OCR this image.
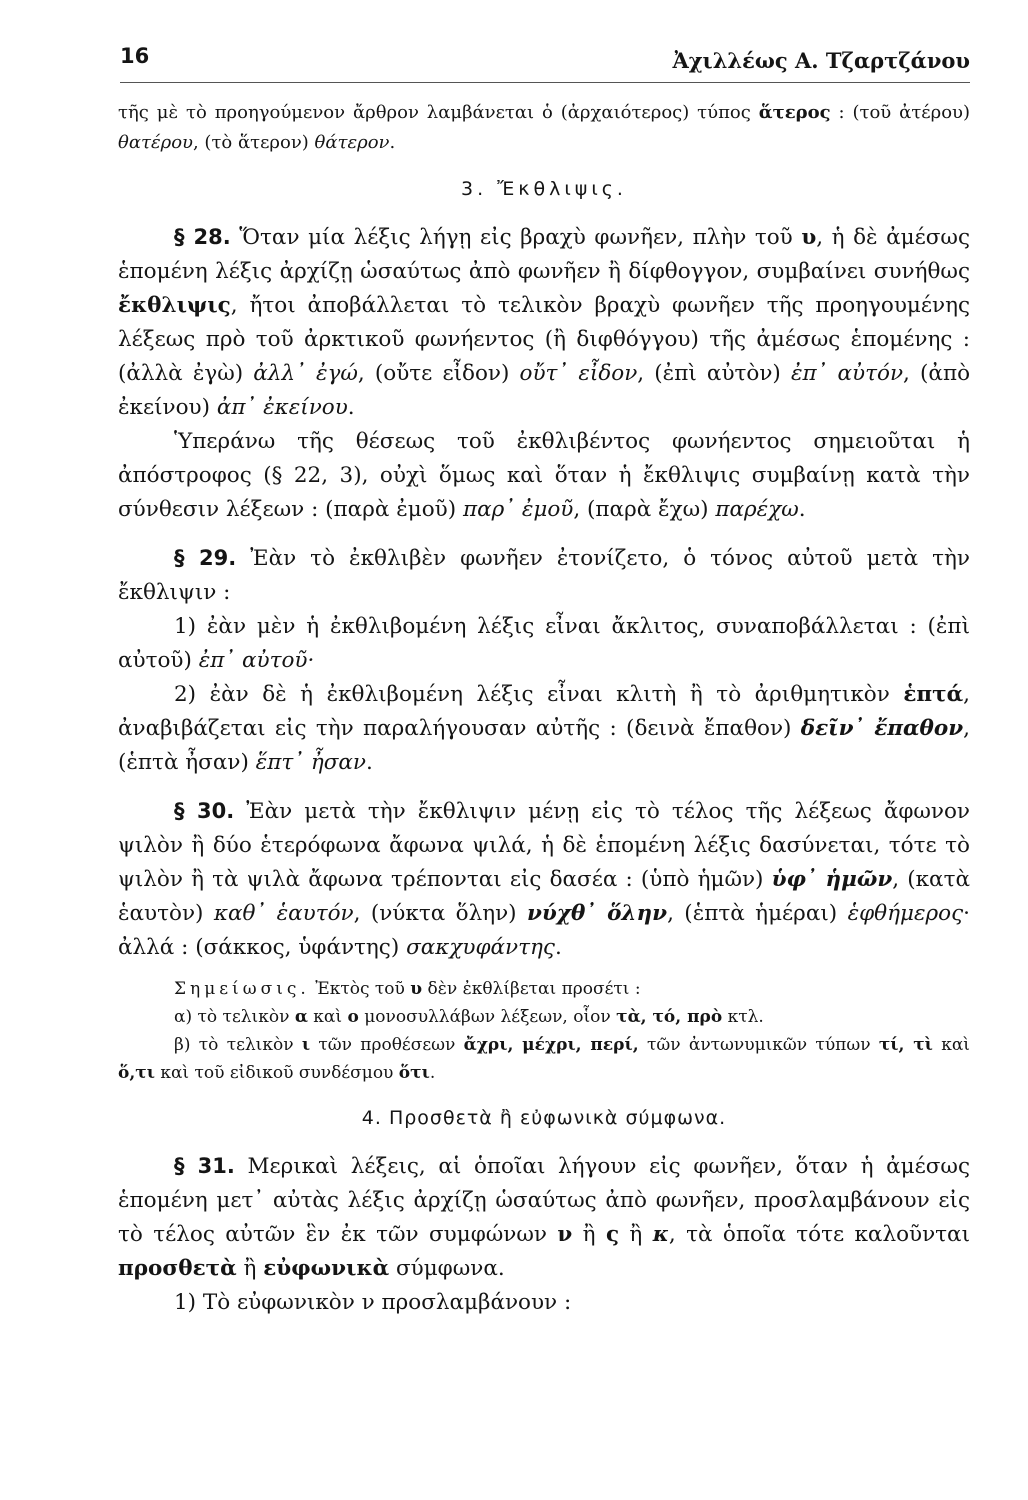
16	Ἀχιλλέως Α. Τζαρτζάνου

τῆς μὲ τὸ προηγούμενον ἄρθρον λαμβάνεται ὁ (ἀρχαιότερος) τύπος ἅτερος : (τοῦ ἀτέρου) θατέρου, (τὸ ἅτερον) θάτερον.

3. Ἔκθλιψις.

§ 28. Ὅταν μία λέξις λήγῃ εἰς βραχὺ φωνῆεν, πλὴν τοῦ υ, ἡ δὲ ἀμέσως ἑπομένη λέξις ἀρχίζῃ ὡσαύτως ἀπὸ φωνῆεν ἢ δίφθογγον, συμβαίνει συνήθως ἔκθλιψις, ἤτοι ἀποβάλλεται τὸ τελικὸν βραχὺ φωνῆεν τῆς προηγουμένης λέξεως πρὸ τοῦ ἀρκτικοῦ φωνήεντος (ἢ διφθόγγου) τῆς ἀμέσως ἑπομένης : (ἀλλὰ ἐγὼ) ἀλλ᾿ ἐγώ, (οὔτε εἶδον) οὔτ᾿ εἶδον, (ἐπὶ αὐτὸν) ἐπ᾿ αὐτόν, (ἀπὸ ἐκείνου) ἀπ᾿ ἐκείνου.

Ὑπεράνω τῆς θέσεως τοῦ ἐκθλιβέντος φωνήεντος σημειοῦται ἡ ἀπόστροφος (§ 22, 3), οὐχὶ ὅμως καὶ ὅταν ἡ ἔκθλιψις συμβαίνῃ κατὰ τὴν σύνθεσιν λέξεων : (παρὰ ἐμοῦ) παρ᾿ ἐμοῦ, (παρὰ ἔχω) παρέχω.

§ 29. Ἐὰν τὸ ἐκθλιβὲν φωνῆεν ἐτονίζετο, ὁ τόνος αὐτοῦ μετὰ τὴν ἔκθλιψιν :

1) ἐὰν μὲν ἡ ἐκθλιβομένη λέξις εἶναι ἄκλιτος, συναποβάλλεται : (ἐπὶ αὐτοῦ) ἐπ᾿ αὐτοῦ·

2) ἐὰν δὲ ἡ ἐκθλιβομένη λέξις εἶναι κλιτὴ ἢ τὸ ἀριθμητικὸν ἑπτά, ἀναβιβάζεται εἰς τὴν παραλήγουσαν αὐτῆς : (δεινὰ ἔπαθον) δεῖν᾿ ἔπαθον, (ἑπτὰ ἦσαν) ἕπτ᾿ ἦσαν.

§ 30. Ἐὰν μετὰ τὴν ἔκθλιψιν μένῃ εἰς τὸ τέλος τῆς λέξεως ἄφωνον ψιλὸν ἢ δύο ἑτερόφωνα ἄφωνα ψιλά, ἡ δὲ ἑπομένη λέξις δασύνεται, τότε τὸ ψιλὸν ἢ τὰ ψιλὰ ἄφωνα τρέπονται εἰς δασέα : (ὑπὸ ἡμῶν) ὑφ᾿ ἡμῶν, (κατὰ ἑαυτὸν) καθ᾿ ἑαυτόν, (νύκτα ὅλην) νύχθ᾿ ὅλην, (ἑπτὰ ἡμέραι) ἑφθήμερος· ἀλλά : (σάκκος, ὑφάντης) σακχυφάντης.

Σημείωσις. Ἐκτὸς τοῦ υ δὲν ἐκθλίβεται προσέτι :

α) τὸ τελικὸν α καὶ ο μονοσυλλάβων λέξεων, οἷον τὰ, τό, πρὸ κτλ.

β) τὸ τελικὸν ι τῶν προθέσεων ἄχρι, μέχρι, περί, τῶν ἀντωνυμικῶν τύπων τί, τὶ καὶ ὅ,τι καὶ τοῦ εἰδικοῦ συνδέσμου ὅτι.

4. Προσθετὰ ἢ εὐφωνικὰ σύμφωνα.

§ 31. Μερικαὶ λέξεις, αἱ ὁποῖαι λήγουν εἰς φωνῆεν, ὅταν ἡ ἀμέσως ἑπομένη μετ᾿ αὐτὰς λέξις ἀρχίζῃ ὡσαύτως ἀπὸ φωνῆεν, προσλαμβάνουν εἰς τὸ τέλος αὐτῶν ἓν ἐκ τῶν συμφώνων ν ἢ ς ἢ κ, τὰ ὁποῖα τότε καλοῦνται προσθετὰ ἢ εὐφωνικὰ σύμφωνα.

1) Τὸ εὐφωνικὸν ν προσλαμβάνουν :
